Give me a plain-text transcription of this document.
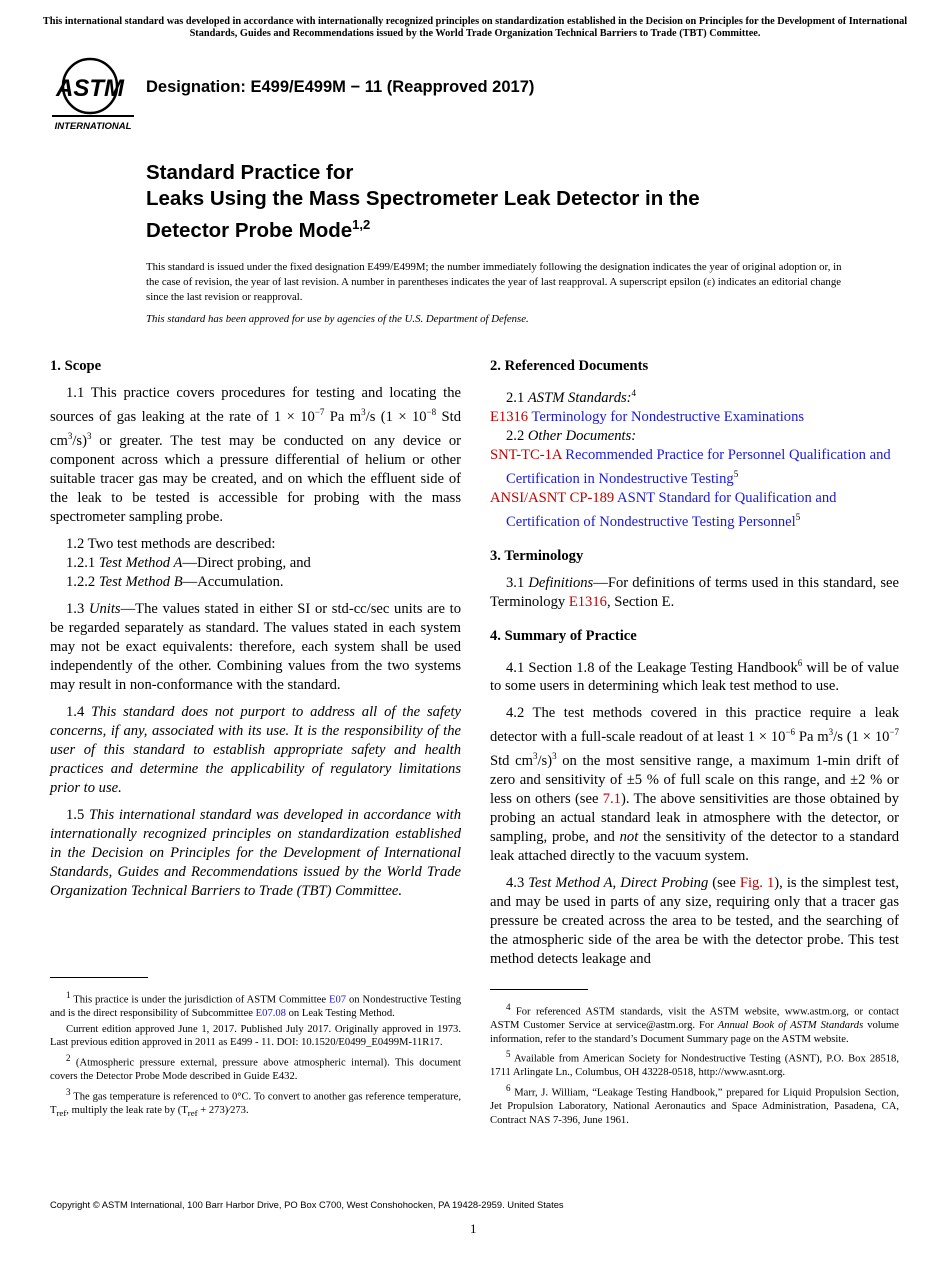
This international standard was developed in accordance with internationally recognized principles on standardization established in the Decision on Principles for the Development of International Standards, Guides and Recommendations issued by the World Trade Organization Technical Barriers to Trade (TBT) Committee.
ASTM
INTERNATIONAL
Designation: E499/E499M − 11 (Reapproved 2017)
Standard Practice for
Leaks Using the Mass Spectrometer Leak Detector in the
Detector Probe Mode$^{1,2}$
This standard is issued under the fixed designation E499/E499M; the number immediately following the designation indicates the year of original adoption or, in the case of revision, the year of last revision. A number in parentheses indicates the year of last reapproval. A superscript epsilon (ε) indicates an editorial change since the last revision or reapproval.
This standard has been approved for use by agencies of the U.S. Department of Defense.
1. Scope

1.1 This practice covers procedures for testing and locating the sources of gas leaking at the rate of $1 \times 10^{-7}$ Pa $m^3/s$ ($1 \times 10^{-8}$ Std $cm^3/s)^3$ or greater. The test may be conducted on any device or component across which a pressure differential of helium or other suitable tracer gas may be created, and on which the effluent side of the leak to be tested is accessible for probing with the mass spectrometer sampling probe.

1.2 Two test methods are described:

1.2.1 Test Method A—Direct probing, and

1.2.2 Test Method B—Accumulation.

1.3 Units—The values stated in either SI or std-cc/sec units are to be regarded separately as standard. The values stated in each system may not be exact equivalents: therefore, each system shall be used independently of the other. Combining values from the two systems may result in non-conformance with the standard.

1.4 This standard does not purport to address all of the safety concerns, if any, associated with its use. It is the responsibility of the user of this standard to establish appropriate safety and health practices and determine the applicability of regulatory limitations prior to use.

1.5 This international standard was developed in accordance with internationally recognized principles on standardization established in the Decision on Principles for the Development of International Standards, Guides and Recommendations issued by the World Trade Organization Technical Barriers to Trade (TBT) Committee.

2. Referenced Documents

2.1 ASTM Standards:$^4$

E1316 Terminology for Nondestructive Examinations

2.2 Other Documents:

SNT-TC-1A Recommended Practice for Personnel Qualification and Certification in Nondestructive Testing$^5$

ANSI/ASNT CP-189 ASNT Standard for Qualification and Certification of Nondestructive Testing Personnel$^5$

3. Terminology

3.1 Definitions—For definitions of terms used in this standard, see Terminology E1316, Section E.

4. Summary of Practice

4.1 Section 1.8 of the Leakage Testing Handbook$^6$ will be of value to some users in determining which leak test method to use.

4.2 The test methods covered in this practice require a leak detector with a full-scale readout of at least $1 \times 10^{-6}$ Pa $m^3/s$ ($1 \times 10^{-7}$ Std $cm^3/s)^3$ on the most sensitive range, a maximum 1-min drift of zero and sensitivity of ±5 % of full scale on this range, and ±2 % or less on others (see 7.1). The above sensitivities are those obtained by probing an actual standard leak in atmosphere with the detector, or sampling, probe, and not the sensitivity of the detector to a standard leak attached directly to the vacuum system.

4.3 Test Method A, Direct Probing (see Fig. 1), is the simplest test, and may be used in parts of any size, requiring only that a tracer gas pressure be created across the area to be tested, and the searching of the atmospheric side of the area be with the detector probe. This test method detects leakage and

$^1$ This practice is under the jurisdiction of ASTM Committee E07 on Nondestructive Testing and is the direct responsibility of Subcommittee E07.08 on Leak Testing Method.

Current edition approved June 1, 2017. Published July 2017. Originally approved in 1973. Last previous edition approved in 2011 as E499 - 11. DOI: 10.1520/E0499_E0499M-11R17.

$^2$ (Atmospheric pressure external, pressure above atmospheric internal). This document covers the Detector Probe Mode described in Guide E432.

$^3$ The gas temperature is referenced to 0°C. To convert to another gas reference temperature, $T_{ref}$, multiply the leak rate by ($T_{ref}$ + 273)⁄273.

$^4$ For referenced ASTM standards, visit the ASTM website, www.astm.org, or contact ASTM Customer Service at service@astm.org. For Annual Book of ASTM Standards volume information, refer to the standard’s Document Summary page on the ASTM website.

$^5$ Available from American Society for Nondestructive Testing (ASNT), P.O. Box 28518, 1711 Arlingate Ln., Columbus, OH 43228-0518, http://www.asnt.org.

$^6$ Marr, J. William, “Leakage Testing Handbook,” prepared for Liquid Propulsion Section, Jet Propulsion Laboratory, National Aeronautics and Space Administration, Pasadena, CA, Contract NAS 7-396, June 1961.

Copyright © ASTM International, 100 Barr Harbor Drive, PO Box C700, West Conshohocken, PA 19428-2959. United States
1
